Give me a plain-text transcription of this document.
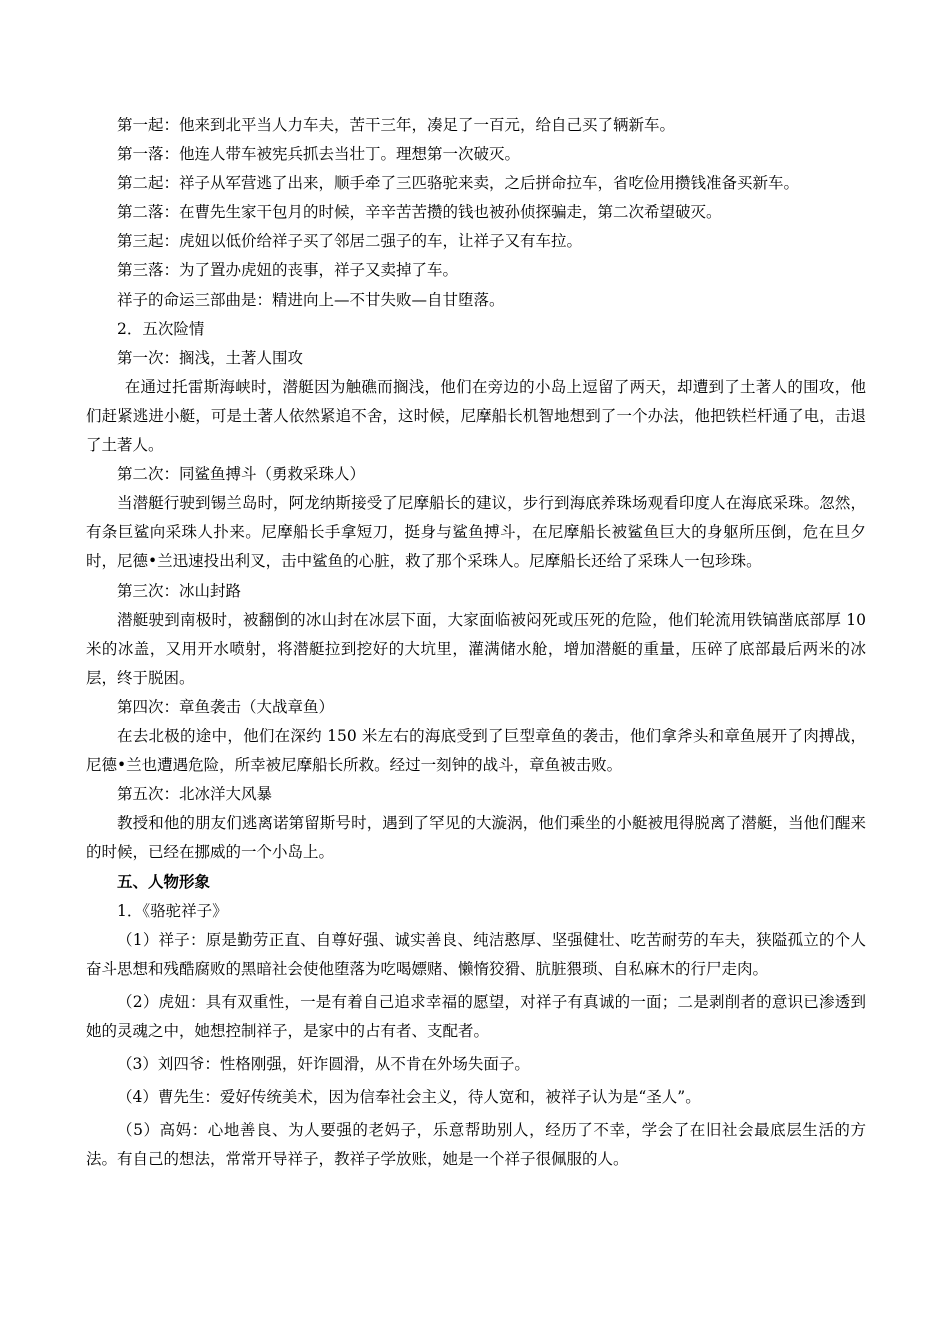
第一起：他来到北平当人力车夫，苦干三年，凑足了一百元，给自己买了辆新车。

第一落：他连人带车被宪兵抓去当壮丁。理想第一次破灭。

第二起：祥子从军营逃了出来，顺手牵了三匹骆驼来卖，之后拼命拉车，省吃俭用攒钱准备买新车。

第二落：在曹先生家干包月的时候，辛辛苦苦攒的钱也被孙侦探骗走，第二次希望破灭。

第三起：虎妞以低价给祥子买了邻居二强子的车，让祥子又有车拉。

第三落：为了置办虎妞的丧事，祥子又卖掉了车。

祥子的命运三部曲是：精进向上—不甘失败—自甘堕落。

2．五次险情

第一次：搁浅，土著人围攻

在通过托雷斯海峡时，潜艇因为触礁而搁浅，他们在旁边的小岛上逗留了两天，却遭到了土著人的围攻，他们赶紧逃进小艇，可是土著人依然紧追不舍，这时候，尼摩船长机智地想到了一个办法，他把铁栏杆通了电，击退了土著人。

第二次：同鲨鱼搏斗（勇救采珠人）

当潜艇行驶到锡兰岛时，阿龙纳斯接受了尼摩船长的建议，步行到海底养珠场观看印度人在海底采珠。忽然，有条巨鲨向采珠人扑来。尼摩船长手拿短刀，挺身与鲨鱼搏斗，在尼摩船长被鲨鱼巨大的身躯所压倒，危在旦夕时，尼德•兰迅速投出利叉，击中鲨鱼的心脏，救了那个采珠人。尼摩船长还给了采珠人一包珍珠。

第三次：冰山封路

潜艇驶到南极时，被翻倒的冰山封在冰层下面，大家面临被闷死或压死的危险，他们轮流用铁镐凿底部厚 10 米的冰盖，又用开水喷射，将潜艇拉到挖好的大坑里，灌满储水舱，增加潜艇的重量，压碎了底部最后两米的冰层，终于脱困。

第四次：章鱼袭击（大战章鱼）

在去北极的途中，他们在深约 150 米左右的海底受到了巨型章鱼的袭击，他们拿斧头和章鱼展开了肉搏战，尼德•兰也遭遇危险，所幸被尼摩船长所救。经过一刻钟的战斗，章鱼被击败。

第五次：北冰洋大风暴

教授和他的朋友们逃离诺第留斯号时，遇到了罕见的大漩涡，他们乘坐的小艇被甩得脱离了潜艇，当他们醒来的时候，已经在挪威的一个小岛上。

五、人物形象

1．《骆驼祥子》

（1）祥子：原是勤劳正直、自尊好强、诚实善良、纯洁憨厚、坚强健壮、吃苦耐劳的车夫，狭隘孤立的个人奋斗思想和残酷腐败的黑暗社会使他堕落为吃喝嫖赌、懒惰狡猾、肮脏猥琐、自私麻木的行尸走肉。

（2）虎妞：具有双重性，一是有着自己追求幸福的愿望，对祥子有真诚的一面；二是剥削者的意识已渗透到她的灵魂之中，她想控制祥子，是家中的占有者、支配者。

（3）刘四爷：性格刚强，奸诈圆滑，从不肯在外场失面子。

（4）曹先生：爱好传统美术，因为信奉社会主义，待人宽和，被祥子认为是“圣人”。

（5）高妈：心地善良、为人要强的老妈子，乐意帮助别人，经历了不幸，学会了在旧社会最底层生活的方法。有自己的想法，常常开导祥子，教祥子学放账，她是一个祥子很佩服的人。
